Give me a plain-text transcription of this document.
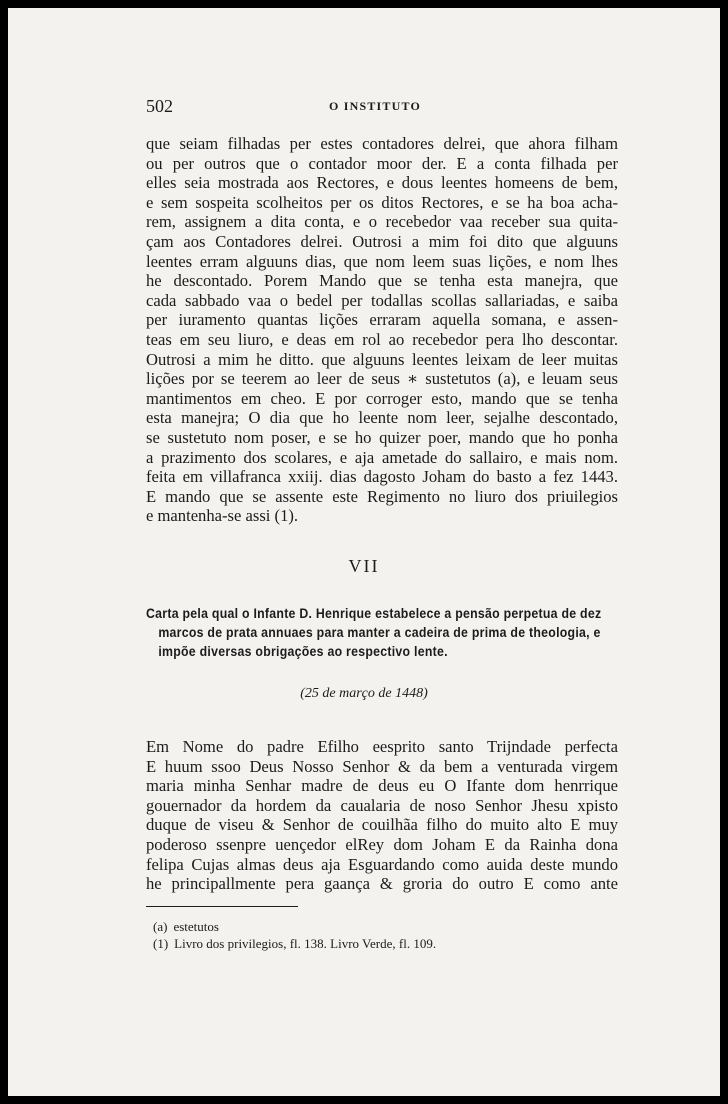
502	O INSTITUTO
que seiam filhadas per estes contadores delrei, que ahora filham
ou per outros que o contador moor der. E a conta filhada per
elles seia mostrada aos Rectores, e dous leentes homeens de bem,
e sem sospeita scolheitos per os ditos Rectores, e se ha boa acha-
rem, assignem a dita conta, e o recebedor vaa receber sua quita-
çam aos Contadores delrei. Outrosi a mim foi dito que alguuns
leentes erram alguuns dias, que nom leem suas lições, e nom lhes
he descontado. Porem Mando que se tenha esta manejra, que
cada sabbado vaa o bedel per todallas scollas sallariadas, e saiba
per iuramento quantas lições erraram aquella somana, e assen-
teas em seu liuro, e deas em rol ao recebedor pera lho descontar.
Outrosi a mim he ditto. que alguuns leentes leixam de leer muitas
lições por se teerem ao leer de seus ∗ sustetutos (a), e leuam seus
mantimentos em cheo. E por corroger esto, mando que se tenha
esta manejra; O dia que ho leente nom leer, sejalhe descontado,
se sustetuto nom poser, e se ho quizer poer, mando que ho ponha
a prazimento dos scolares, e aja ametade do sallairo, e mais nom.
feita em villafranca xxiij. dias dagosto Joham do basto a fez 1443.
E mando que se assente este Regimento no liuro dos priuilegios
e mantenha-se assi (1).
VII
Carta pela qual o Infante D. Henrique estabelece a pensão perpetua de dez
marcos de prata annuaes para manter a cadeira de prima de theologia, e
impõe diversas obrigações ao respectivo lente.
(25 de março de 1448)
Em Nome do padre Efilho eesprito santo Trijndade perfecta
E huum ssoo Deus Nosso Senhor & da bem a venturada virgem
maria minha Senhar madre de deus eu O Ifante dom henrrique
gouernador da hordem da caualaria de noso Senhor Jhesu xpisto
duque de viseu & Senhor de couilhãa filho do muito alto E muy
poderoso ssenpre uençedor elRey dom Joham E da Rainha dona
felipa Cujas almas deus aja Esguardando como auida deste mundo
he principallmente pera gaança & groria do outro E como ante
(a) estetutos
(1) Livro dos privilegios, fl. 138. Livro Verde, fl. 109.
